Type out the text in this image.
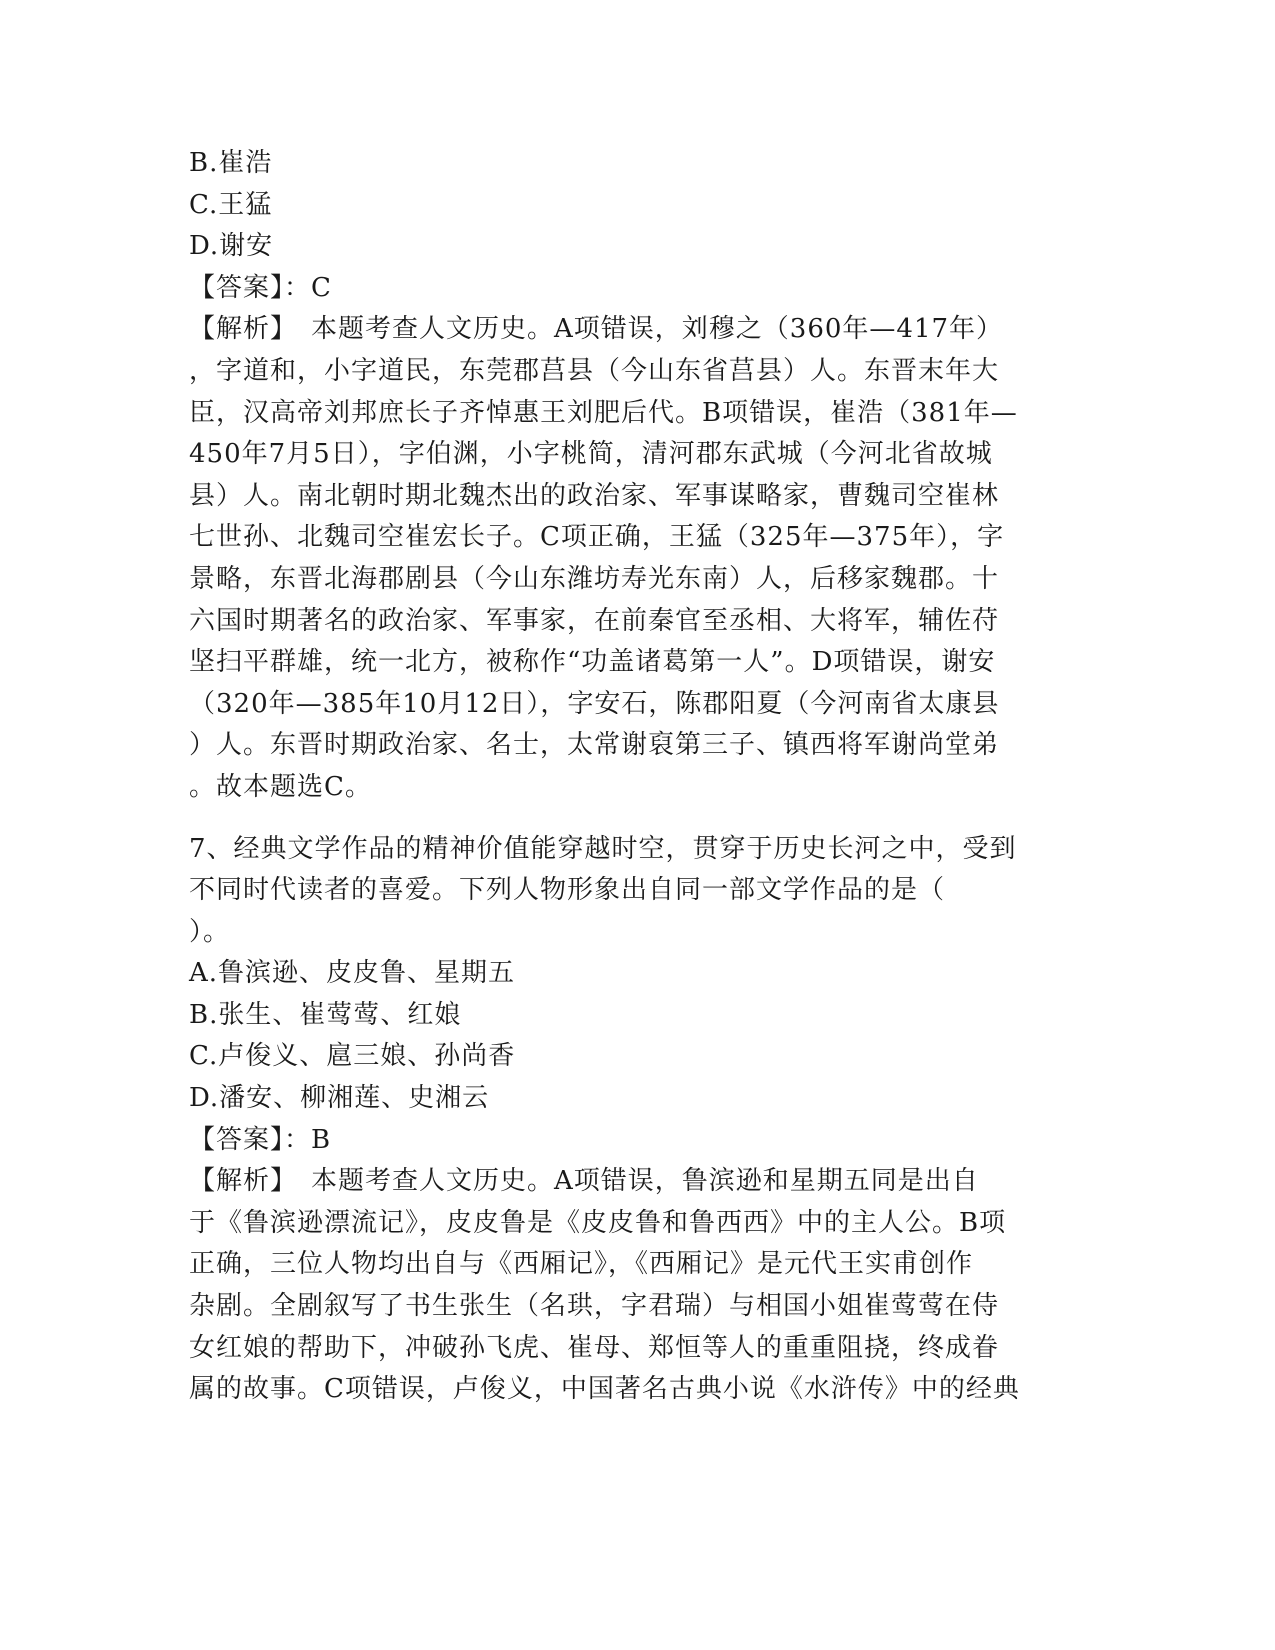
B.崔浩
C.王猛
D.谢安
【答案】：C
【解析】　本题考查人文历史。A项错误，刘穆之（360年—417年）
，字道和，小字道民，东莞郡莒县（今山东省莒县）人。东晋末年大
臣，汉高帝刘邦庶长子齐悼惠王刘肥后代。B项错误，崔浩（381年—
450年7月5日），字伯渊，小字桃简，清河郡东武城（今河北省故城
县）人。南北朝时期北魏杰出的政治家、军事谋略家，曹魏司空崔林
七世孙、北魏司空崔宏长子。C项正确，王猛（325年—375年），字
景略，东晋北海郡剧县（今山东潍坊寿光东南）人，后移家魏郡。十
六国时期著名的政治家、军事家，在前秦官至丞相、大将军，辅佐苻
坚扫平群雄，统一北方，被称作“功盖诸葛第一人”。D项错误，谢安
（320年—385年10月12日），字安石，陈郡阳夏（今河南省太康县
）人。东晋时期政治家、名士，太常谢裒第三子、镇西将军谢尚堂弟
。故本题选C。
7、经典文学作品的精神价值能穿越时空，贯穿于历史长河之中，受到
不同时代读者的喜爱。下列人物形象出自同一部文学作品的是（
）。
A.鲁滨逊、皮皮鲁、星期五
B.张生、崔莺莺、红娘
C.卢俊义、扈三娘、孙尚香
D.潘安、柳湘莲、史湘云
【答案】：B
【解析】　本题考查人文历史。A项错误，鲁滨逊和星期五同是出自
于《鲁滨逊漂流记》，皮皮鲁是《皮皮鲁和鲁西西》中的主人公。B项
正确，三位人物均出自与《西厢记》，《西厢记》是元代王实甫创作
杂剧。全剧叙写了书生张生（名珙，字君瑞）与相国小姐崔莺莺在侍
女红娘的帮助下，冲破孙飞虎、崔母、郑恒等人的重重阻挠，终成眷
属的故事。C项错误，卢俊义，中国著名古典小说《水浒传》中的经典
